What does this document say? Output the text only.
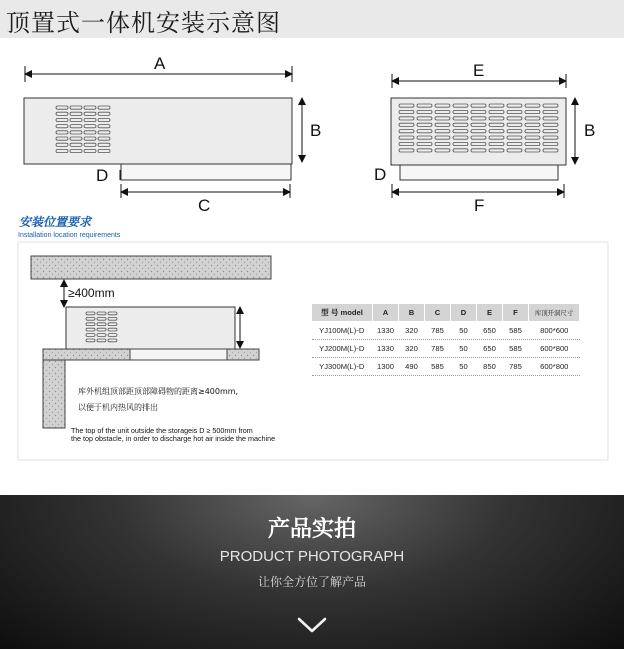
顶置式一体机安装示意图
A
B
D
C
E
B
D
F
安装位置要求
Installation location requirements
≥400mm
库外机组顶部距顶部障碍物的距离≥400mm,
以便于机内热风的排出
The top of the unit outside the storageis D ≥ 500mm from
the top obstacle, in order to discharge hot air inside the machine
型 号 model	A	B	C	D	E	F	库顶开洞尺寸
YJ100M(L)-D	1330	320	785	50	650	585	800*600
YJ200M(L)-D	1330	320	785	50	650	585	600*800
YJ300M(L)-D	1300	490	585	50	850	785	600*800
产品实拍
PRODUCT PHOTOGRAPH
让你全方位了解产品
